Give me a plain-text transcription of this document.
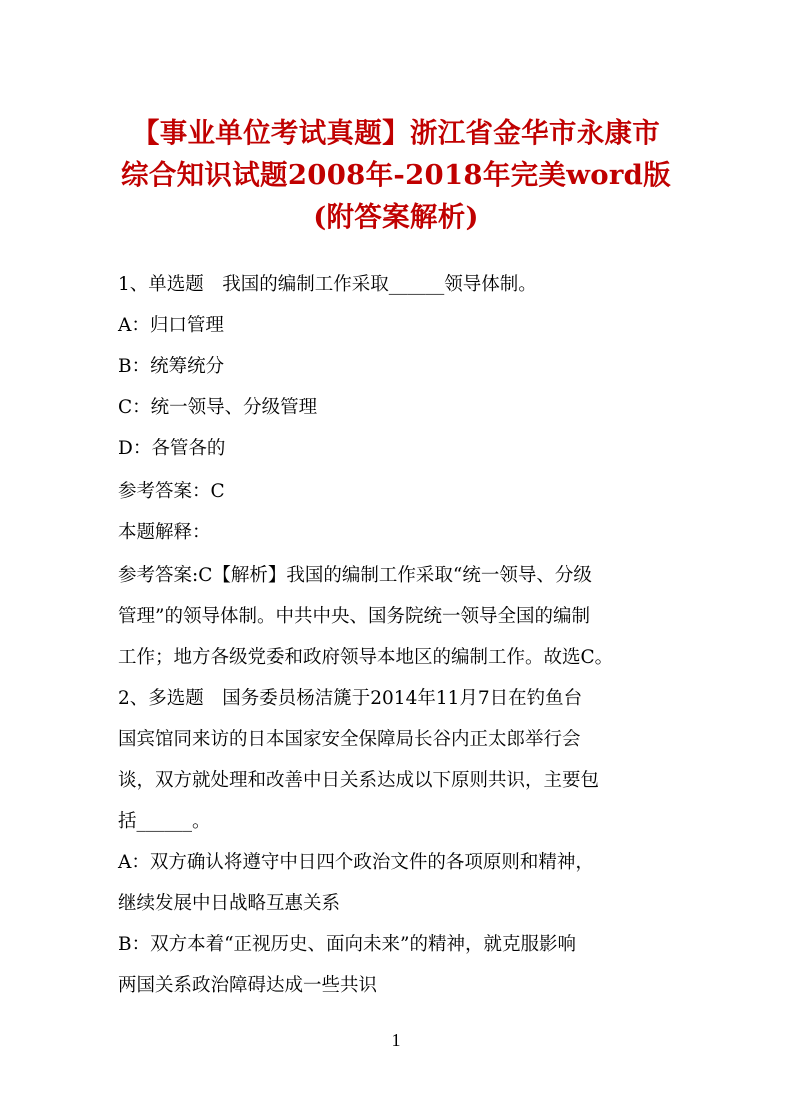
【事业单位考试真题】浙江省金华市永康市
综合知识试题2008年-2018年完美word版
(附答案解析)
1、单选题　我国的编制工作采取______领导体制。
A：归口管理
B：统筹统分
C：统一领导、分级管理
D：各管各的
参考答案：C
本题解释：
参考答案:C【解析】我国的编制工作采取“统一领导、分级
管理”的领导体制。中共中央、国务院统一领导全国的编制
工作；地方各级党委和政府领导本地区的编制工作。故选C。
2、多选题　国务委员杨洁篪于2014年11月7日在钓鱼台
国宾馆同来访的日本国家安全保障局长谷内正太郎举行会
谈，双方就处理和改善中日关系达成以下原则共识，主要包
括______。
A：双方确认将遵守中日四个政治文件的各项原则和精神，
继续发展中日战略互惠关系
B：双方本着“正视历史、面向未来”的精神，就克服影响
两国关系政治障碍达成一些共识
1
